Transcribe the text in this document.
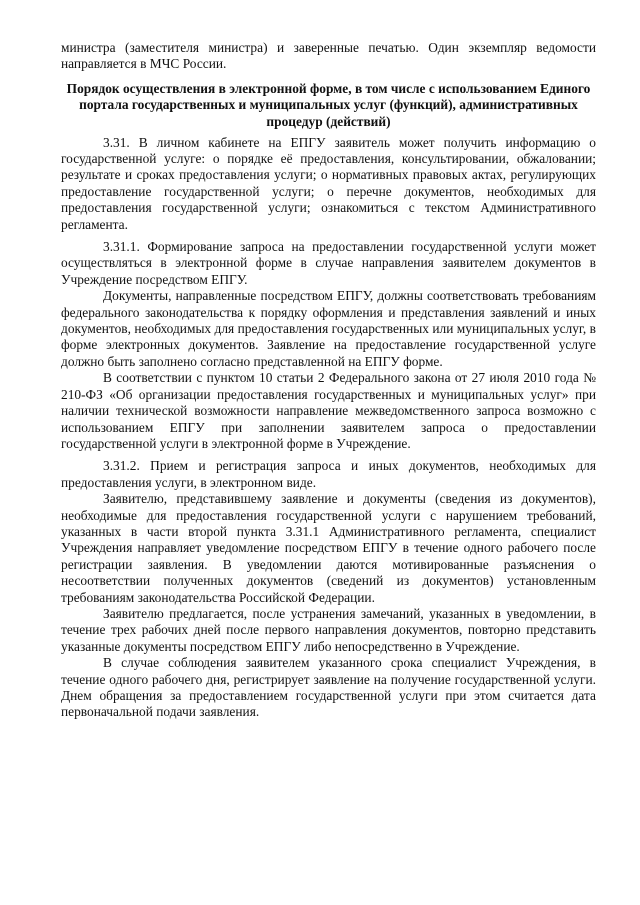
министра (заместителя министра) и заверенные печатью. Один экземпляр ведомости направляется в МЧС России.

Порядок осуществления в электронной форме, в том числе с использованием Единого портала государственных и муниципальных услуг (функций), административных процедур (действий)

3.31. В личном кабинете на ЕПГУ заявитель может получить информацию о государственной услуге: о порядке её предоставления, консультировании, обжаловании; результате и сроках предоставления услуги; о нормативных правовых актах, регулирующих предоставление государственной услуги; о перечне документов, необходимых для предоставления государственной услуги; ознакомиться с текстом Административного регламента.

3.31.1. Формирование запроса на предоставлении государственной услуги может осуществляться в электронной форме в случае направления заявителем документов в Учреждение посредством ЕПГУ.

Документы, направленные посредством ЕПГУ, должны соответствовать требованиям федерального законодательства к порядку оформления и представления заявлений и иных документов, необходимых для предоставления государственных или муниципальных услуг, в форме электронных документов. Заявление на предоставление государственной услуге должно быть заполнено согласно представленной на ЕПГУ форме.

В соответствии с пунктом 10 статьи 2 Федерального закона от 27 июля 2010 года № 210-ФЗ «Об организации предоставления государственных и муниципальных услуг» при наличии технической возможности направление межведомственного запроса возможно с использованием ЕПГУ при заполнении заявителем запроса о предоставлении государственной услуги в электронной форме в Учреждение.

3.31.2. Прием и регистрация запроса и иных документов, необходимых для предоставления услуги, в электронном виде.

Заявителю, представившему заявление и документы (сведения из документов), необходимые для предоставления государственной услуги с нарушением требований, указанных в части второй пункта 3.31.1 Административного регламента, специалист Учреждения направляет уведомление посредством ЕПГУ в течение одного рабочего после регистрации заявления. В уведомлении даются мотивированные разъяснения о несоответствии полученных документов (сведений из документов) установленным требованиям законодательства Российской Федерации.

Заявителю предлагается, после устранения замечаний, указанных в уведомлении, в течение трех рабочих дней после первого направления документов, повторно представить указанные документы посредством ЕПГУ либо непосредственно в Учреждение.

В случае соблюдения заявителем указанного срока специалист Учреждения, в течение одного рабочего дня, регистрирует заявление на получение государственной услуги. Днем обращения за предоставлением государственной услуги при этом считается дата первоначальной подачи заявления.
